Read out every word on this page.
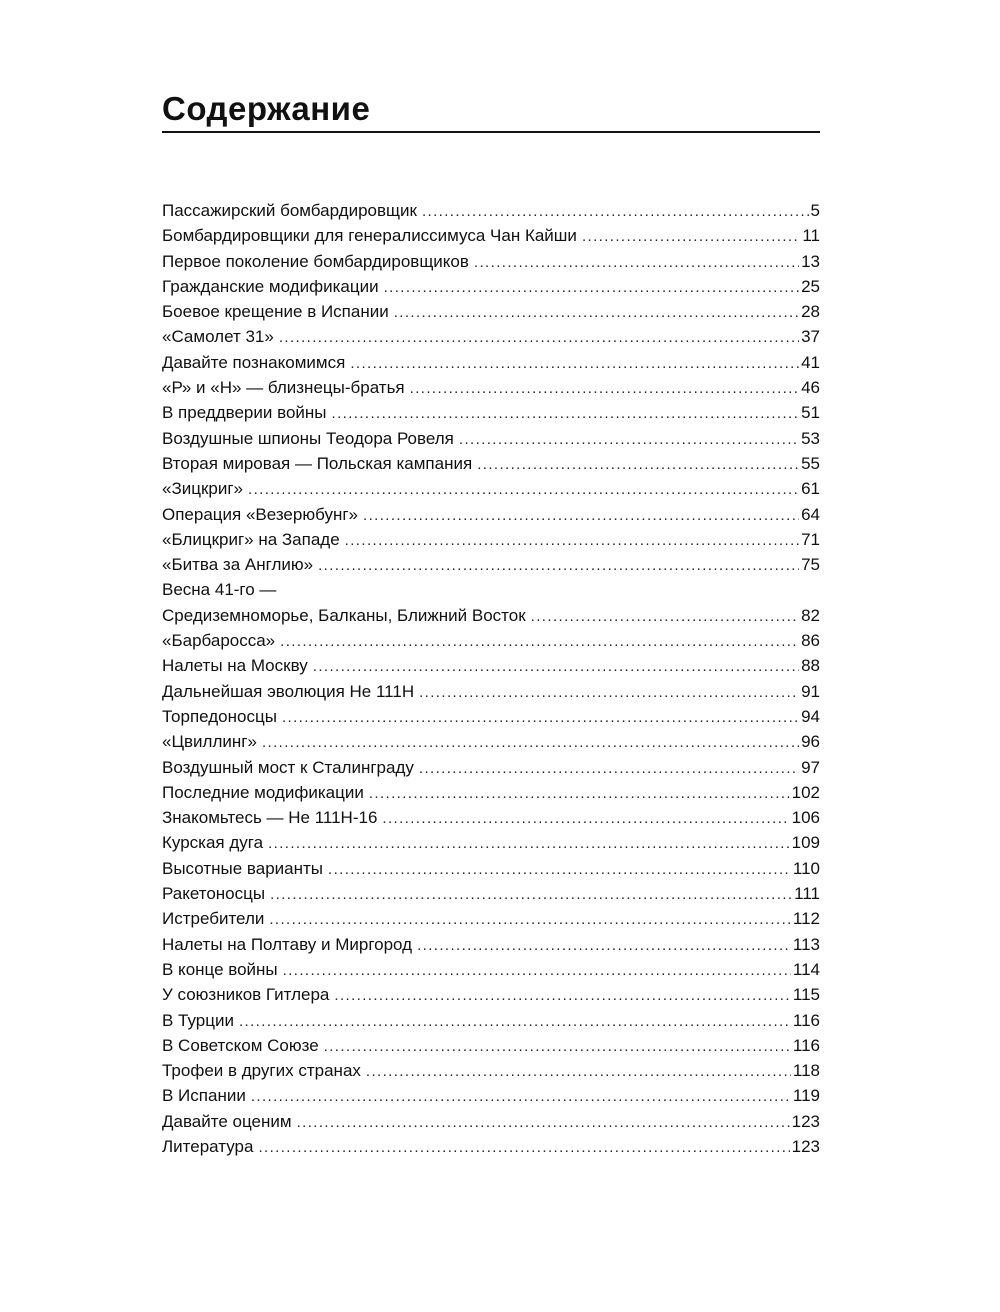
Содержание
Пассажирский бомбардировщик .....	5
Бомбардировщики для генералиссимуса Чан Кайши .....	11
Первое поколение бомбардировщиков .....	13
Гражданские модификации .....	25
Боевое крещение в Испании .....	28
«Самолет 31» .....	37
Давайте познакомимся .....	41
«Р» и «Н» — близнецы-братья .....	46
В преддверии войны .....	51
Воздушные шпионы Теодора Ровеля .....	53
Вторая мировая — Польская кампания .....	55
«Зицкриг» .....	61
Операция «Везерюбунг» .....	64
«Блицкриг» на Западе .....	71
«Битва за Англию» .....	75
Весна 41-го —
Средиземноморье, Балканы, Ближний Восток .....	82
«Барбаросса» .....	86
Налеты на Москву .....	88
Дальнейшая эволюция Не 111Н .....	91
Торпедоносцы .....	94
«Цвиллинг» .....	96
Воздушный мост к Сталинграду .....	97
Последние модификации .....	102
Знакомьтесь — Не 111Н-16 .....	106
Курская дуга .....	109
Высотные варианты .....	110
Ракетоносцы .....	111
Истребители .....	112
Налеты на Полтаву и Миргород .....	113
В конце войны .....	114
У союзников Гитлера .....	115
В Турции .....	116
В Советском Союзе .....	116
Трофеи в других странах .....	118
В Испании .....	119
Давайте оценим .....	123
Литература .....	123
